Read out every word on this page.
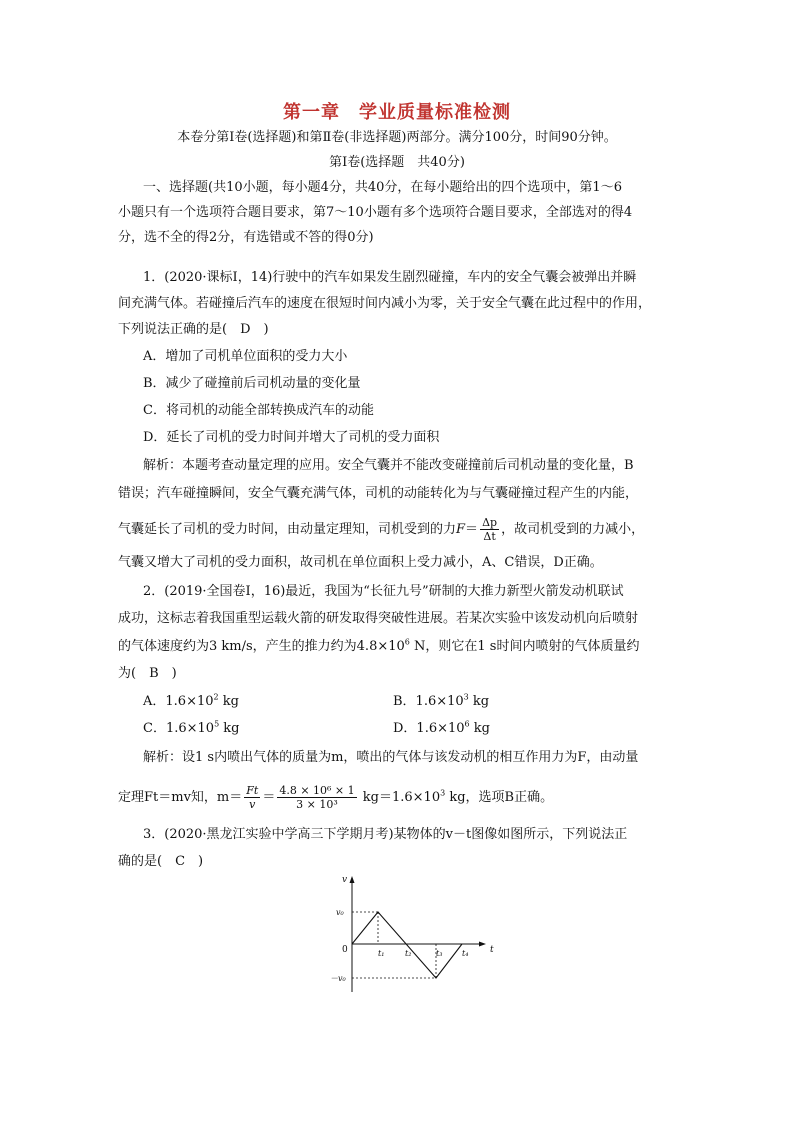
第一章　学业质量标准检测
本卷分第Ⅰ卷(选择题)和第Ⅱ卷(非选择题)两部分。满分100分，时间90分钟。
第Ⅰ卷(选择题　共40分)
一、选择题(共10小题，每小题4分，共40分，在每小题给出的四个选项中，第1～6
小题只有一个选项符合题目要求，第7～10小题有多个选项符合题目要求，全部选对的得4
分，选不全的得2分，有选错或不答的得0分)
1．(2020·课标Ⅰ，14)行驶中的汽车如果发生剧烈碰撞，车内的安全气囊会被弹出并瞬
间充满气体。若碰撞后汽车的速度在很短时间内减小为零，关于安全气囊在此过程中的作用，
下列说法正确的是(　D　)
A．增加了司机单位面积的受力大小
B．减少了碰撞前后司机动量的变化量
C．将司机的动能全部转换成汽车的动能
D．延长了司机的受力时间并增大了司机的受力面积
解析：本题考查动量定理的应用。安全气囊并不能改变碰撞前后司机动量的变化量，B
错误；汽车碰撞瞬间，安全气囊充满气体，司机的动能转化为与气囊碰撞过程产生的内能，
气囊延长了司机的受力时间，由动量定理知，司机受到的力$F= \frac{\Delta p}{\Delta t}$ ，故司机受到的力减小，
气囊又增大了司机的受力面积，故司机在单位面积上受力减小，A、C错误，D正确。
2．(2019·全国卷Ⅰ，16)最近，我国为“长征九号”研制的大推力新型火箭发动机联试
成功，这标志着我国重型运载火箭的研发取得突破性进展。若某次实验中该发动机向后喷射
的气体速度约为3 km/s，产生的推力约为$4.8\times 10^6$ N，则它在1 s时间内喷射的气体质量约
为(　B　)
A．$1.6\times 10^2$ kg	B．$1.6\times 10^3$ kg
C．$1.6\times 10^5$ kg	D．$1.6\times 10^6$ kg
解析：设1 s内喷出气体的质量为m，喷出的气体与该发动机的相互作用力为F，由动量
定理Ft＝mv知，$m= \frac{Ft}{v} = \frac{\text{4.8 × 10⁶ × 1}}{\text{3 × 10³}} kg=1.6\times 10^3$ kg，选项B正确。
3．(2020·黑龙江实验中学高三下学期月考)某物体的v－t图像如图所示，下列说法正
确的是(　C　)
v
t
0
v₀
－v₀
t₁	t₂	t₃ t₄
